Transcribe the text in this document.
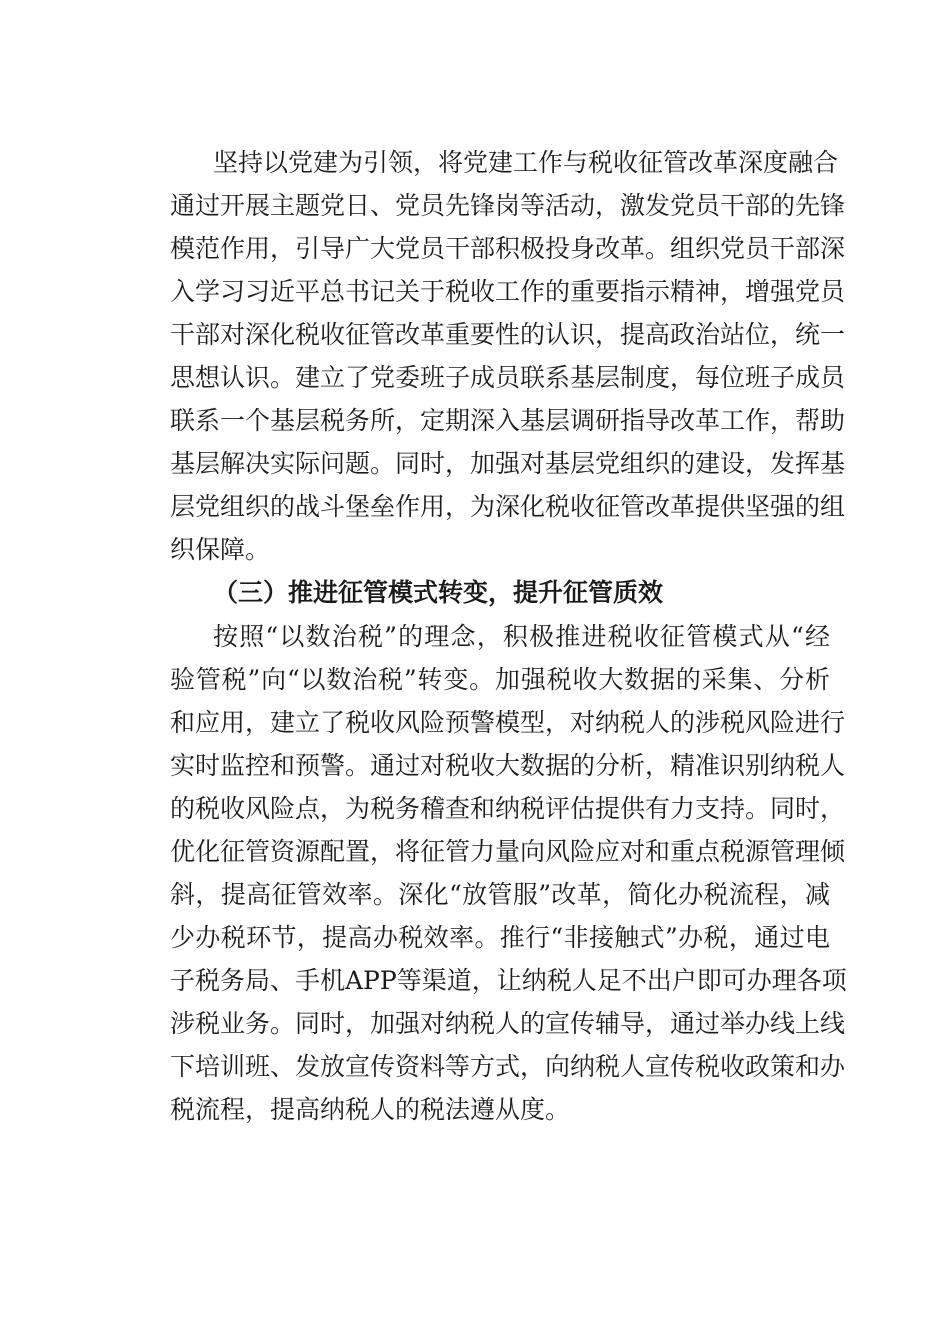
坚持以党建为引领，将党建工作与税收征管改革深度融合
通过开展主题党日、党员先锋岗等活动，激发党员干部的先锋
模范作用，引导广大党员干部积极投身改革。组织党员干部深
入学习习近平总书记关于税收工作的重要指示精神，增强党员
干部对深化税收征管改革重要性的认识，提高政治站位，统一
思想认识。建立了党委班子成员联系基层制度，每位班子成员
联系一个基层税务所，定期深入基层调研指导改革工作，帮助
基层解决实际问题。同时，加强对基层党组织的建设，发挥基
层党组织的战斗堡垒作用，为深化税收征管改革提供坚强的组
织保障。
（三）推进征管模式转变，提升征管质效
按照“以数治税”的理念，积极推进税收征管模式从“经
验管税”向“以数治税”转变。加强税收大数据的采集、分析
和应用，建立了税收风险预警模型，对纳税人的涉税风险进行
实时监控和预警。通过对税收大数据的分析，精准识别纳税人
的税收风险点，为税务稽查和纳税评估提供有力支持。同时，
优化征管资源配置，将征管力量向风险应对和重点税源管理倾
斜，提高征管效率。深化“放管服”改革，简化办税流程，减
少办税环节，提高办税效率。推行“非接触式”办税，通过电
子税务局、手机APP等渠道，让纳税人足不出户即可办理各项
涉税业务。同时，加强对纳税人的宣传辅导，通过举办线上线
下培训班、发放宣传资料等方式，向纳税人宣传税收政策和办
税流程，提高纳税人的税法遵从度。
